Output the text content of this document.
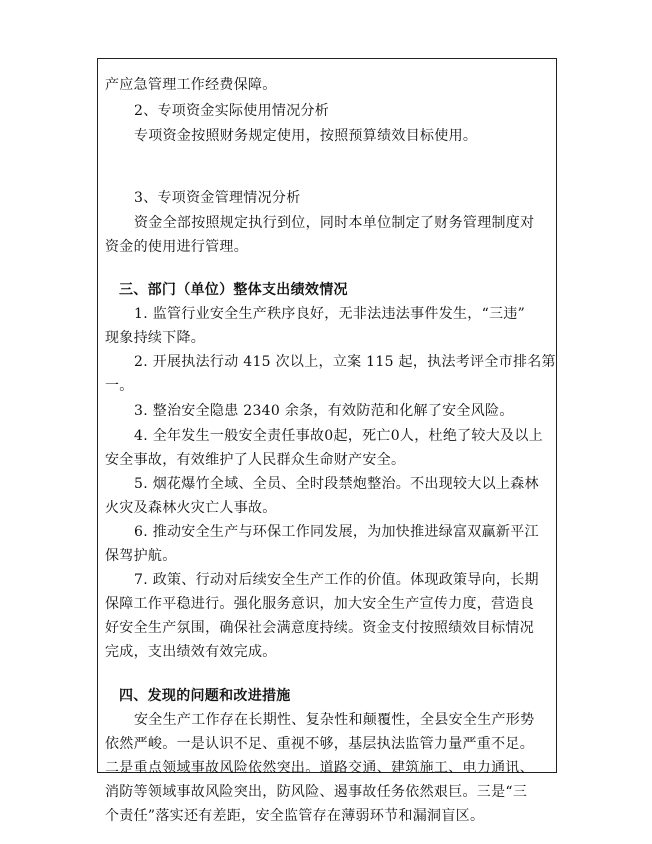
产应急管理工作经费保障。
2、专项资金实际使用情况分析
专项资金按照财务规定使用，按照预算绩效目标使用。
3、专项资金管理情况分析
资金全部按照规定执行到位，同时本单位制定了财务管理制度对
资金的使用进行管理。
三、部门（单位）整体支出绩效情况
1. 监管行业安全生产秩序良好，无非法违法事件发生，“三违”
现象持续下降。
2. 开展执法行动 415 次以上，立案 115 起，执法考评全市排名第
一。
3. 整治安全隐患 2340 余条，有效防范和化解了安全风险。
4. 全年发生一般安全责任事故0起，死亡0人，杜绝了较大及以上
安全事故，有效维护了人民群众生命财产安全。
5. 烟花爆竹全域、全员、全时段禁炮整治。不出现较大以上森林
火灾及森林火灾亡人事故。
6. 推动安全生产与环保工作同发展，为加快推进绿富双赢新平江
保驾护航。
7. 政策、行动对后续安全生产工作的价值。体现政策导向，长期
保障工作平稳进行。强化服务意识，加大安全生产宣传力度，营造良
好安全生产氛围，确保社会满意度持续。资金支付按照绩效目标情况
完成，支出绩效有效完成。
四、发现的问题和改进措施
安全生产工作存在长期性、复杂性和颠覆性，全县安全生产形势
依然严峻。一是认识不足、重视不够，基层执法监管力量严重不足。
二是重点领域事故风险依然突出。道路交通、建筑施工、电力通讯、
消防等领域事故风险突出，防风险、遏事故任务依然艰巨。三是“三
个责任”落实还有差距，安全监管存在薄弱环节和漏洞盲区。
